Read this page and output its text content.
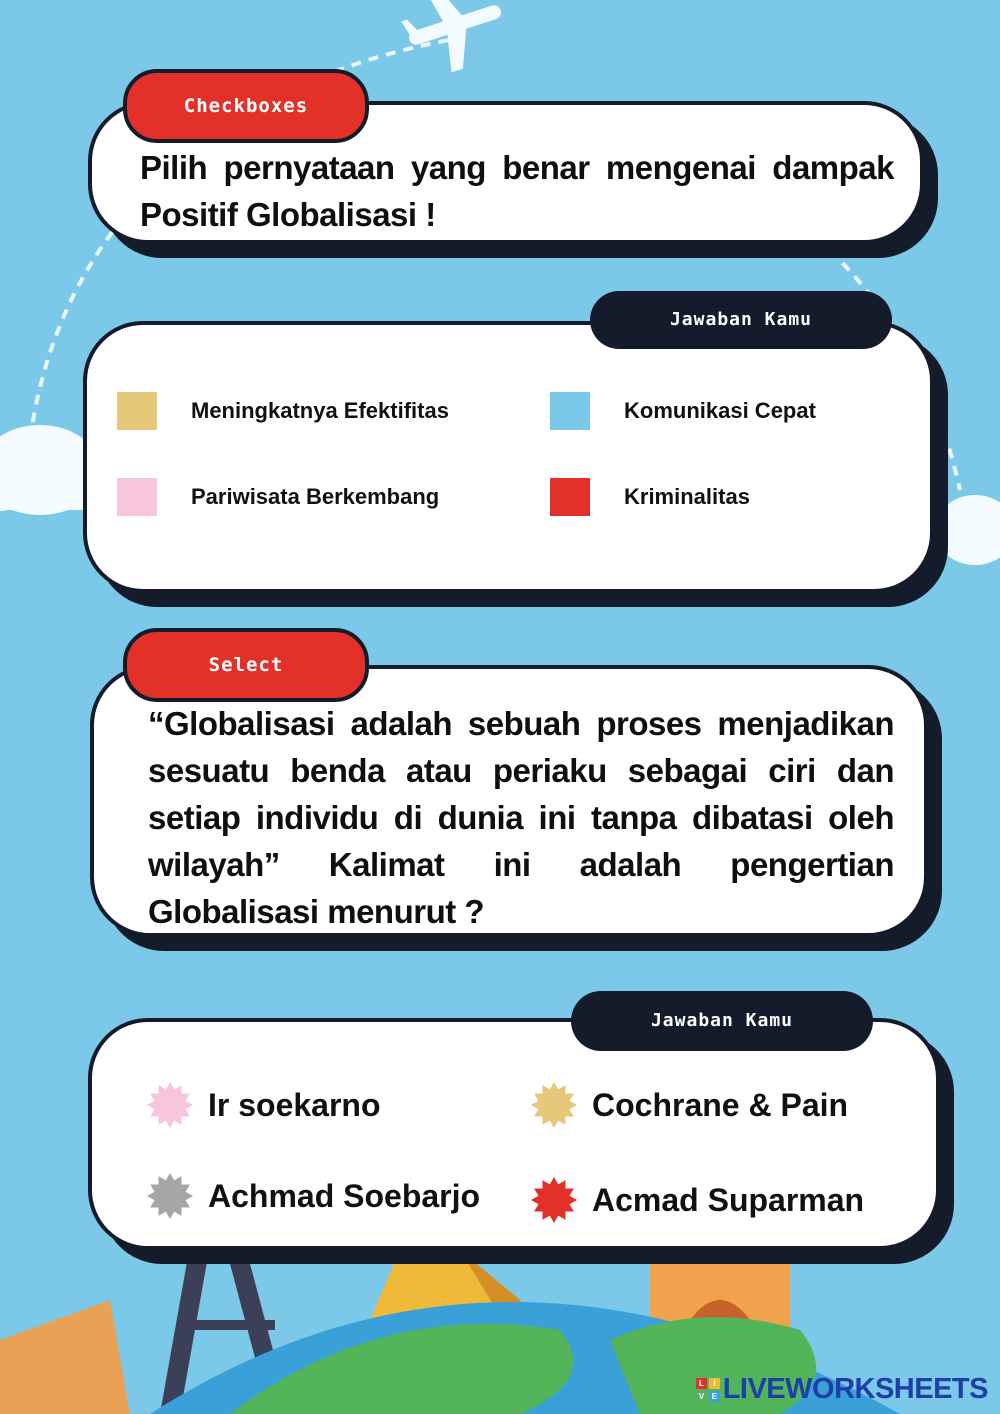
Checkboxes
Pilih pernyataan yang benar mengenai dampak Positif Globalisasi !
Jawaban Kamu
Meningkatnya Efektifitas	Komunikasi Cepat
Pariwisata Berkembang	Kriminalitas
Select
“Globalisasi adalah sebuah proses menjadikan sesuatu benda atau periaku sebagai ciri dan setiap individu di dunia ini tanpa dibatasi oleh wilayah” Kalimat ini adalah pengertian Globalisasi menurut ?
Jawaban Kamu
Ir soekarno	Cochrane & Pain
Achmad Soebarjo	Acmad Suparman
L	I
V	E LIVEWORKSHEETS
